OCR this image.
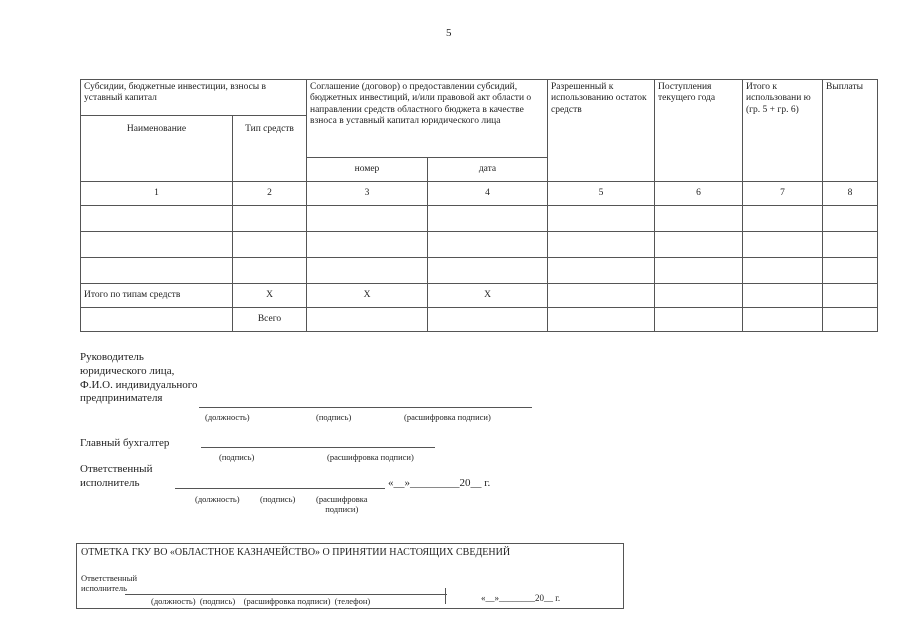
5
Субсидии, бюджетные инвестиции, взносы в уставный капитал		Соглашение (договор) о предоставлении субсидий, бюджетных инвестиций, и/или правовой акт области о направлении средств областного бюджета в качестве взноса в уставный капитал юридического лица		Разрешенный к использованию остаток средств	Поступления текущего года	Итого к использовани ю (гр. 5 + гр. 6)	Выплаты
Наименование	Тип средств						
		номер	дата				
1	2	3	4	5	6	7	8

Итого по типам средств	X	X	X				
	Всего						
Руководитель
юридического лица,
Ф.И.О. индивидуального
предпринимателя
(должность)	(подпись)	(расшифровка подписи)
Главный бухгалтер
(подпись)	(расшифровка подписи)
Ответственный
исполнитель	«__»_________20__ г.
(должность) (подпись) (расшифровка
подписи)
ОТМЕТКА ГКУ ВО «ОБЛАСТНОЕ КАЗНАЧЕЙСТВО» О ПРИНЯТИИ НАСТОЯЩИХ СВЕДЕНИЙ
Ответственный
исполнитель
(должность)  (подпись)    (расшифровка подписи)  (телефон)	«__»________20__ г.
